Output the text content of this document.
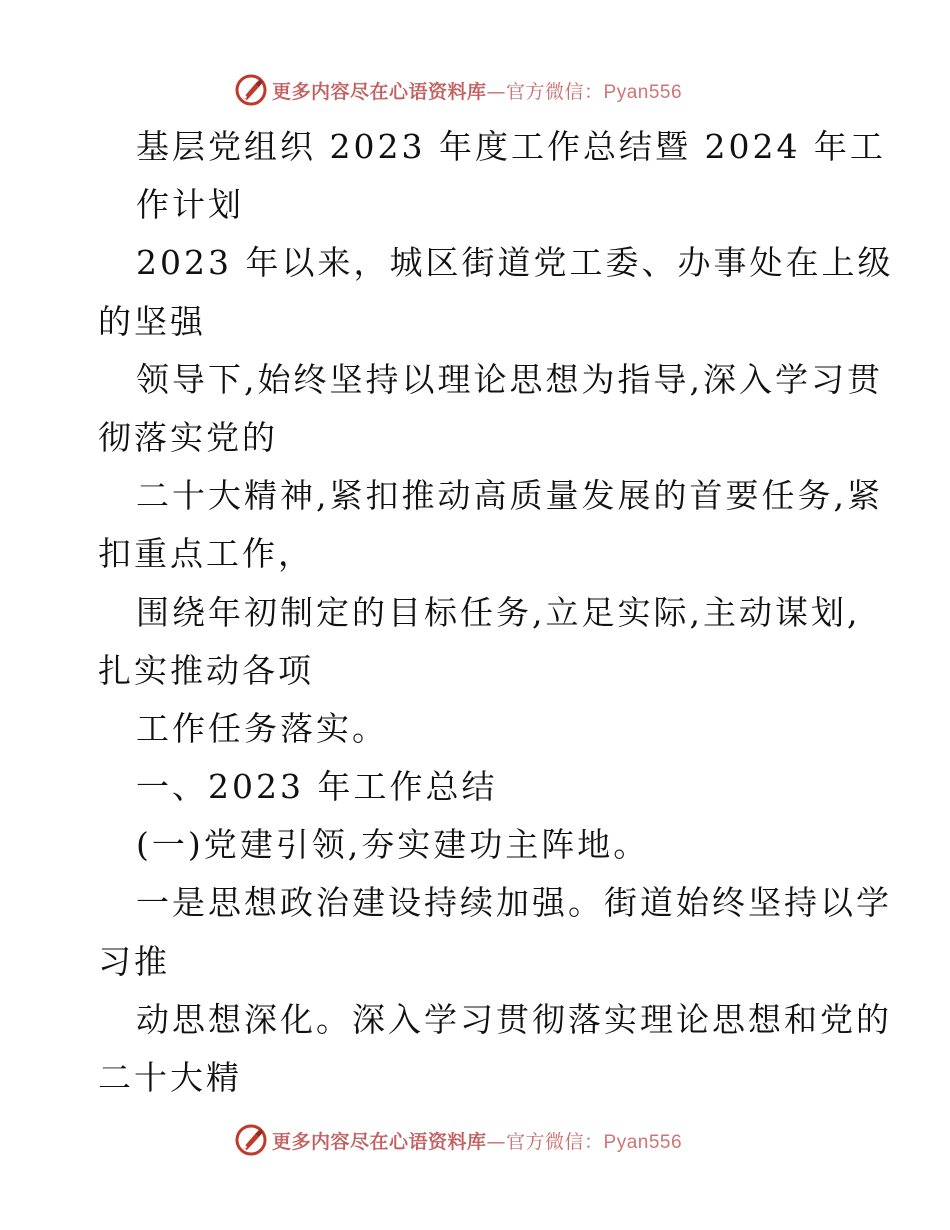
更多内容尽在心语资料库—官方微信：Pyan556
基层党组织 2023 年度工作总结暨 2024 年工
作计划
2023 年以来，城区街道党工委、办事处在上级
的坚强
领导下,始终坚持以理论思想为指导,深入学习贯
彻落实党的
二十大精神,紧扣推动高质量发展的首要任务,紧
扣重点工作，
围绕年初制定的目标任务,立足实际,主动谋划,
扎实推动各项
工作任务落实。
一、2023 年工作总结
(一)党建引领,夯实建功主阵地。
一是思想政治建设持续加强。街道始终坚持以学
习推
动思想深化。深入学习贯彻落实理论思想和党的
二十大精
更多内容尽在心语资料库—官方微信：Pyan556
